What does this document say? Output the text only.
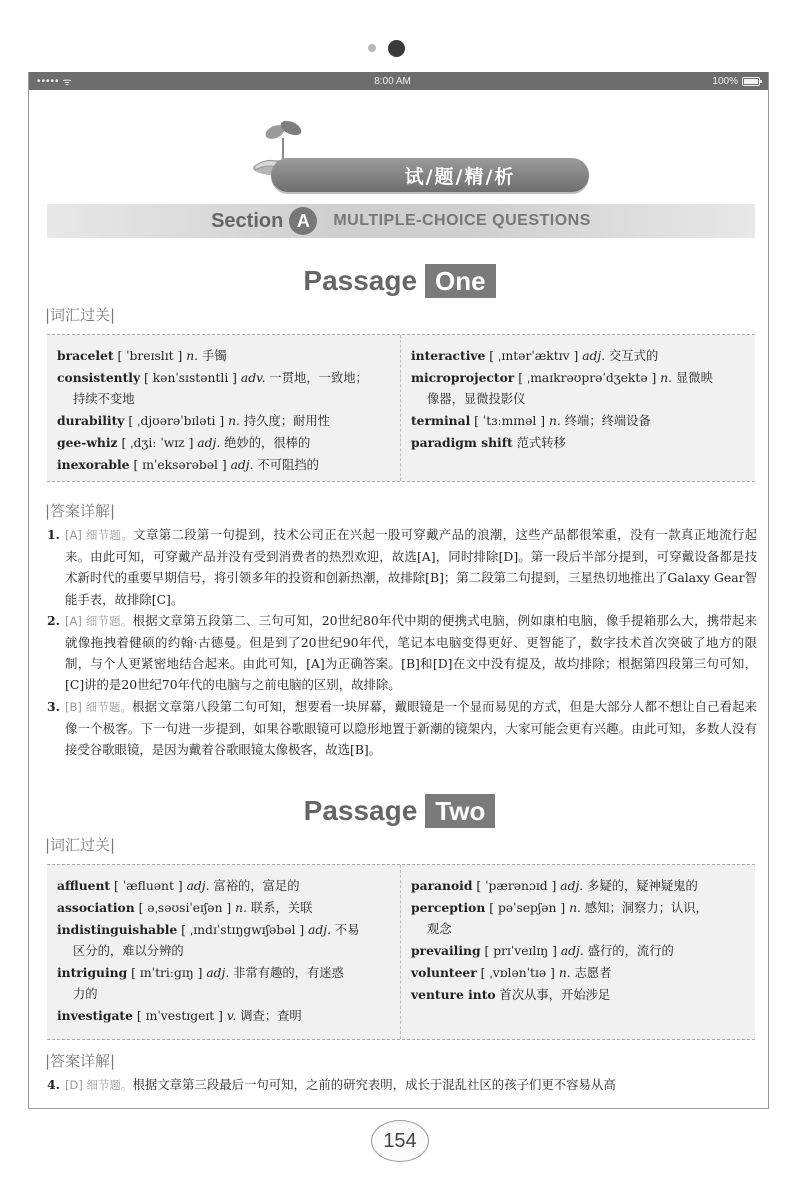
••••• ᯤ	8:00 AM	100%
试/题/精/析
Section A	MULTIPLE-CHOICE QUESTIONS
Passage One
|词汇过关|
bracelet [ ˈbreɪslɪt ] n. 手镯
consistently [ kənˈsɪstəntli ] adv. 一贯地，一致地；
持续不变地
durability [ ˌdjʊərəˈbɪləti ] n. 持久度；耐用性
gee-whiz [ ˌdʒiː ˈwɪz ] adj. 绝妙的，很棒的
inexorable [ ɪnˈeksərəbəl ] adj. 不可阻挡的
interactive [ ˌɪntərˈæktɪv ] adj. 交互式的
microprojector [ ˌmaɪkrəʊprəˈdʒektə ] n. 显微映
像器，显微投影仪
terminal [ ˈtɜːmɪnəl ] n. 终端；终端设备
paradigm shift 范式转移
|答案详解|
1. [A] 细节题。文章第二段第一句提到，技术公司正在兴起一股可穿戴产品的浪潮，这些产品都很笨重，没有一款真正地流行起来。由此可知，可穿戴产品并没有受到消费者的热烈欢迎，故选[A]，同时排除[D]。第一段后半部分提到，可穿戴设备都是技术新时代的重要早期信号，将引领多年的投资和创新热潮，故排除[B]；第二段第二句提到，三星热切地推出了Galaxy Gear智能手表，故排除[C]。
2. [A] 细节题。根据文章第五段第二、三句可知，20世纪80年代中期的便携式电脑，例如康柏电脑，像手提箱那么大，携带起来就像拖拽着健硕的约翰·古德曼。但是到了20世纪90年代，笔记本电脑变得更好、更智能了，数字技术首次突破了地方的限制，与个人更紧密地结合起来。由此可知，[A]为正确答案。[B]和[D]在文中没有提及，故均排除；根据第四段第三句可知，[C]讲的是20世纪70年代的电脑与之前电脑的区别，故排除。
3. [B] 细节题。根据文章第八段第二句可知，想要看一块屏幕，戴眼镜是一个显而易见的方式，但是大部分人都不想让自己看起来像一个极客。下一句进一步提到，如果谷歌眼镜可以隐形地置于新潮的镜架内，大家可能会更有兴趣。由此可知，多数人没有接受谷歌眼镜，是因为戴着谷歌眼镜太像极客，故选[B]。
Passage Two
|词汇过关|
affluent [ ˈæfluənt ] adj. 富裕的，富足的
association [ əˌsəʊsiˈeɪʃən ] n. 联系，关联
indistinguishable [ ˌɪndɪˈstɪŋgwɪʃəbəl ] adj. 不易
区分的，难以分辨的
intriguing [ ɪnˈtriːgɪŋ ] adj. 非常有趣的，有迷惑
力的
investigate [ ɪnˈvestɪgeɪt ] v. 调查；查明
paranoid [ ˈpærənɔɪd ] adj. 多疑的，疑神疑鬼的
perception [ pəˈsepʃən ] n. 感知；洞察力；认识，
观念
prevailing [ prɪˈveɪlɪŋ ] adj. 盛行的，流行的
volunteer [ ˌvɒlənˈtɪə ] n. 志愿者
venture into 首次从事，开始涉足
|答案详解|
4. [D] 细节题。根据文章第三段最后一句可知，之前的研究表明，成长于混乱社区的孩子们更不容易从高
154
